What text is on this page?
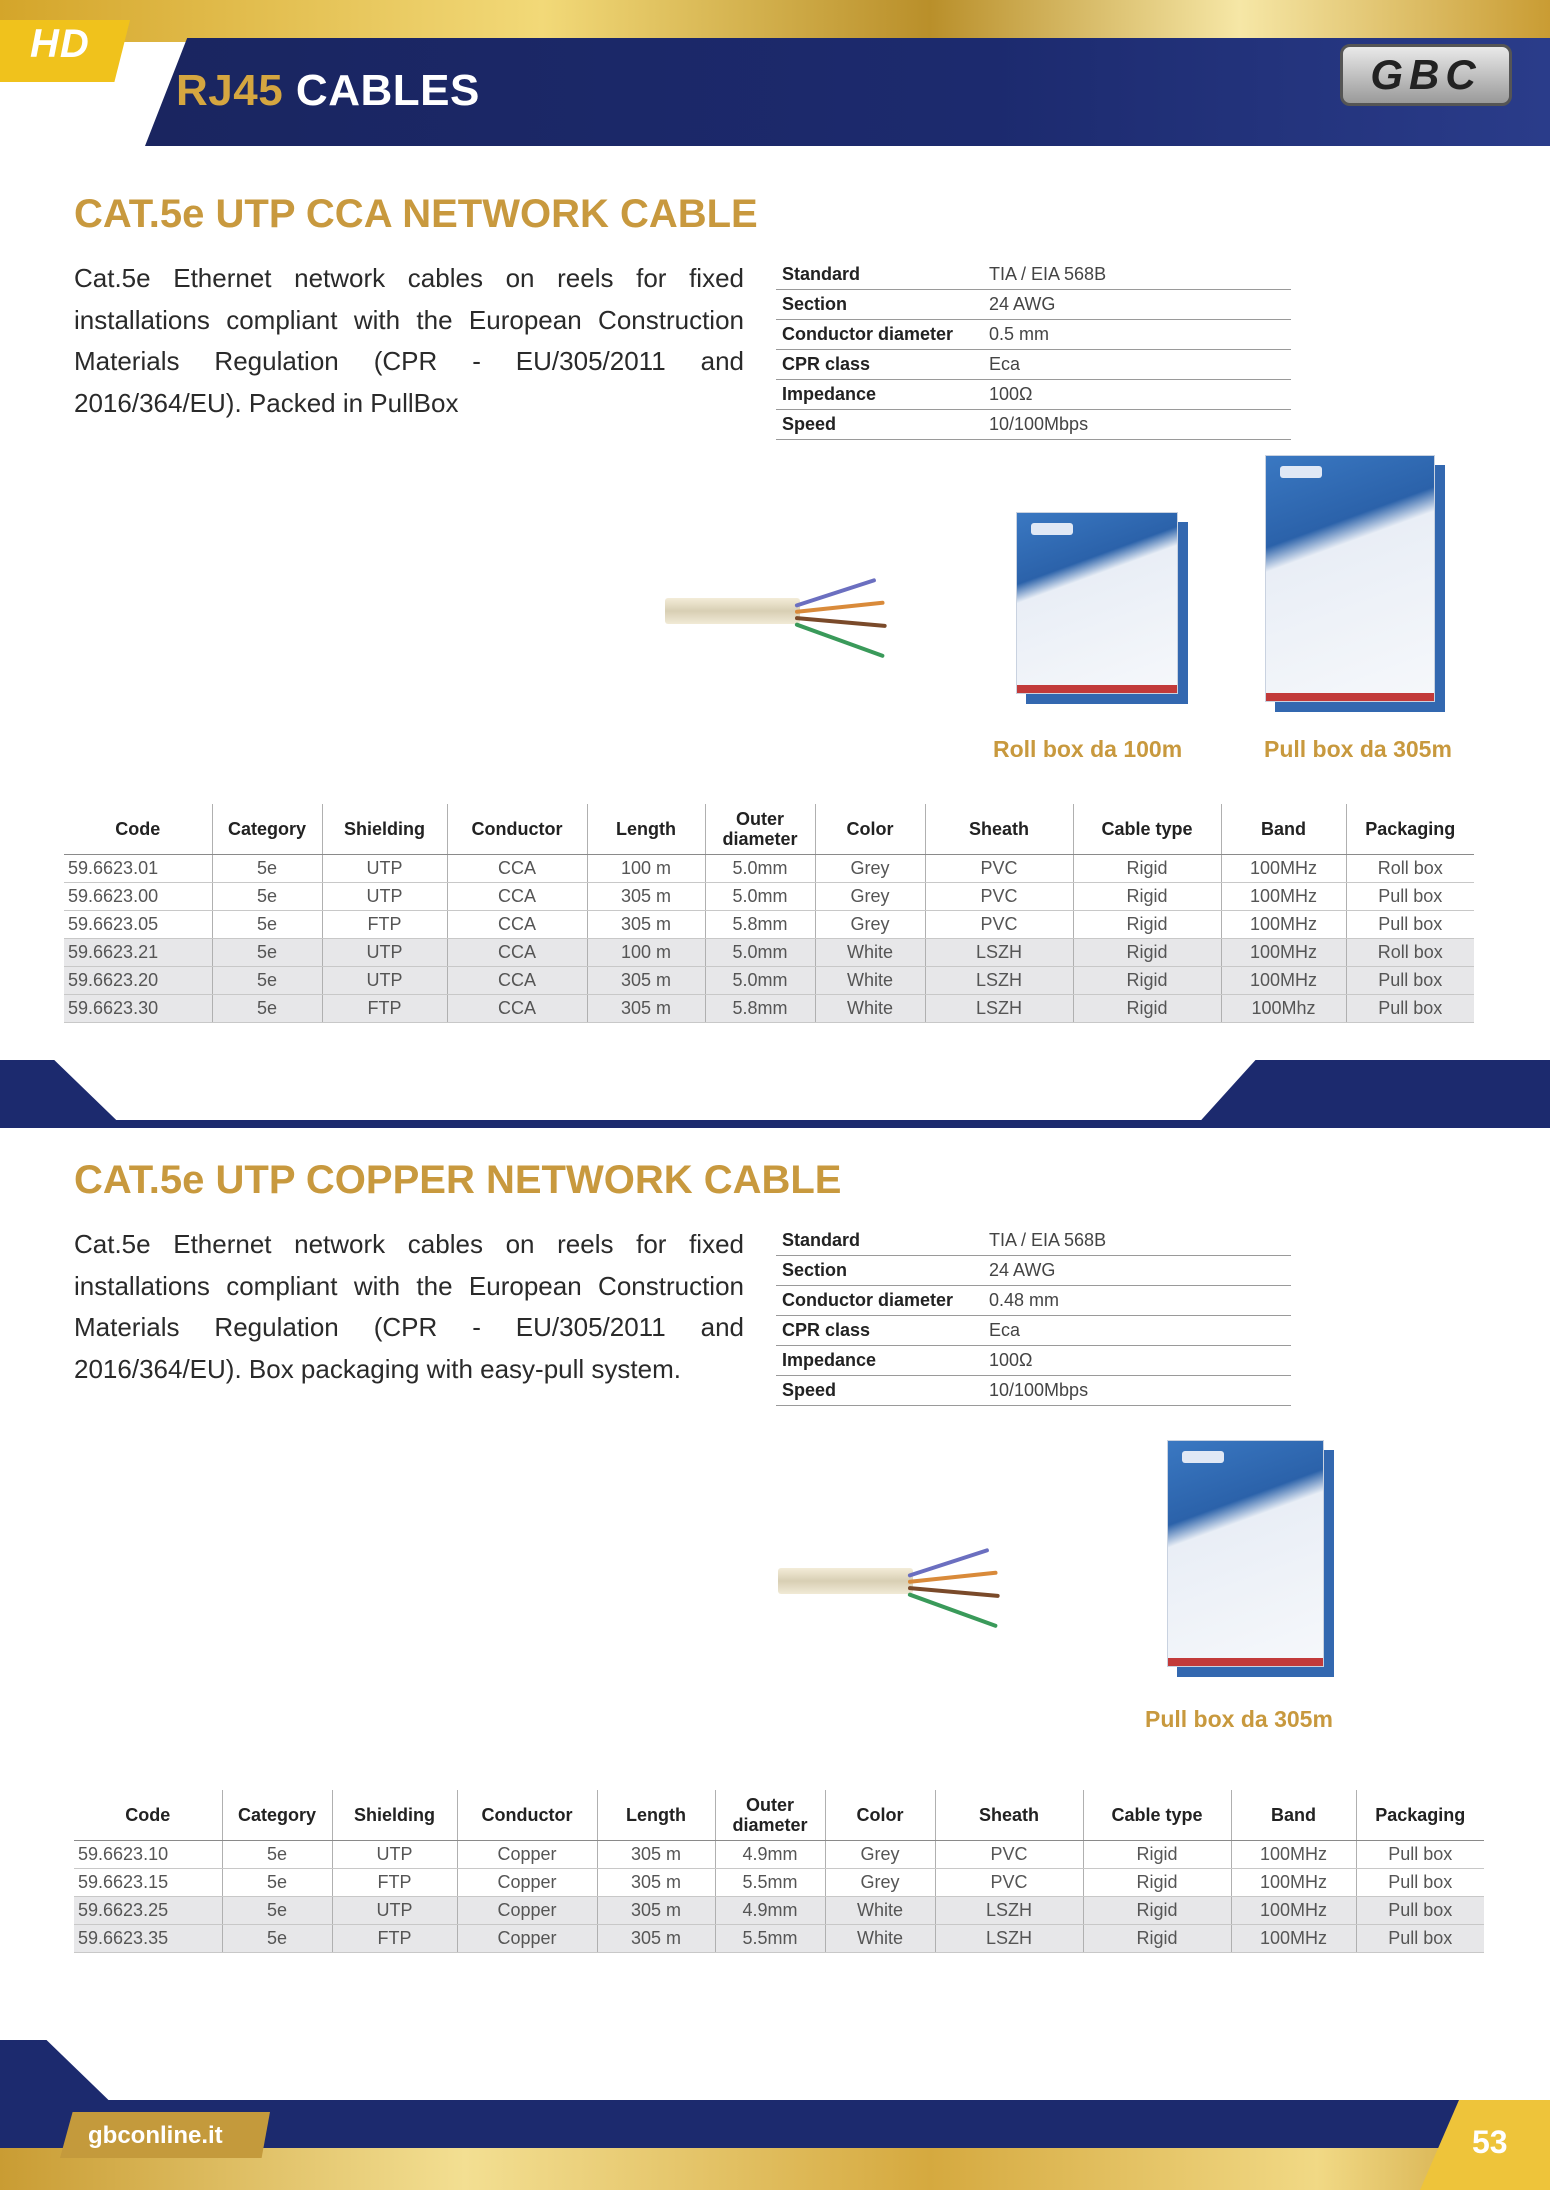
HD
RJ45 CABLES	GBC
CAT.5e UTP CCA NETWORK CABLE
Cat.5e Ethernet network cables on reels for fixed installations compliant with the European Construction Materials Regulation (CPR - EU/305/2011 and 2016/364/EU). Packed in PullBox
Standard	TIA / EIA 568B
Section	24 AWG
Conductor diameter	0.5 mm
CPR class	Eca
Impedance	100Ω
Speed	10/100Mbps
Roll box da 100m	Pull box da 305m
Code	Category	Shielding	Conductor	Length	Outer diameter	Color	Sheath	Cable type	Band	Packaging
59.6623.01	5e	UTP	CCA	100 m	5.0mm	Grey	PVC	Rigid	100MHz	Roll box
59.6623.00	5e	UTP	CCA	305 m	5.0mm	Grey	PVC	Rigid	100MHz	Pull box
59.6623.05	5e	FTP	CCA	305 m	5.8mm	Grey	PVC	Rigid	100MHz	Pull box
59.6623.21	5e	UTP	CCA	100 m	5.0mm	White	LSZH	Rigid	100MHz	Roll box
59.6623.20	5e	UTP	CCA	305 m	5.0mm	White	LSZH	Rigid	100MHz	Pull box
59.6623.30	5e	FTP	CCA	305 m	5.8mm	White	LSZH	Rigid	100Mhz	Pull box
CAT.5e UTP COPPER NETWORK CABLE
Cat.5e Ethernet network cables on reels for fixed installations compliant with the European Construction Materials Regulation (CPR - EU/305/2011 and 2016/364/EU). Box packaging with easy-pull system.
Standard	TIA / EIA 568B
Section	24 AWG
Conductor diameter	0.48 mm
CPR class	Eca
Impedance	100Ω
Speed	10/100Mbps
Pull box da 305m
Code	Category	Shielding	Conductor	Length	Outer diameter	Color	Sheath	Cable type	Band	Packaging
59.6623.10	5e	UTP	Copper	305 m	4.9mm	Grey	PVC	Rigid	100MHz	Pull box
59.6623.15	5e	FTP	Copper	305 m	5.5mm	Grey	PVC	Rigid	100MHz	Pull box
59.6623.25	5e	UTP	Copper	305 m	4.9mm	White	LSZH	Rigid	100MHz	Pull box
59.6623.35	5e	FTP	Copper	305 m	5.5mm	White	LSZH	Rigid	100MHz	Pull box
gbconline.it	53
